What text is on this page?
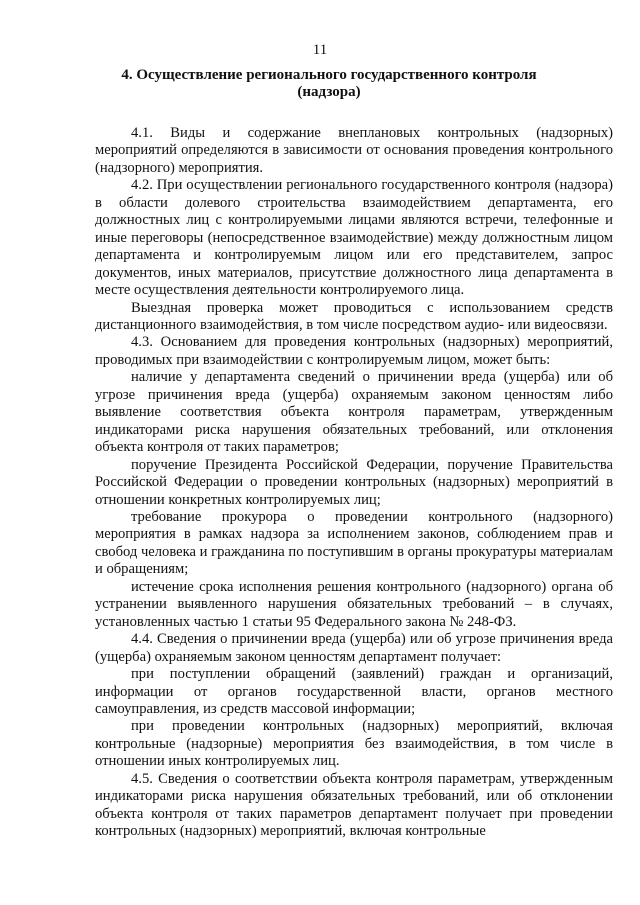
11
4. Осуществление регионального государственного контроля (надзора)

4.1. Виды и содержание внеплановых контрольных (надзорных) мероприятий определяются в зависимости от основания проведения контрольного (надзорного) мероприятия.

4.2. При осуществлении регионального государственного контроля (надзора) в области долевого строительства взаимодействием департамента, его должностных лиц с контролируемыми лицами являются встречи, телефонные и иные переговоры (непосредственное взаимодействие) между должностным лицом департамента и контролируемым лицом или его представителем, запрос документов, иных материалов, присутствие должностного лица департамента в месте осуществления деятельности контролируемого лица.

Выездная проверка может проводиться с использованием средств дистанционного взаимодействия, в том числе посредством аудио- или видеосвязи.

4.3. Основанием для проведения контрольных (надзорных) мероприятий, проводимых при взаимодействии с контролируемым лицом, может быть:

наличие у департамента сведений о причинении вреда (ущерба) или об угрозе причинения вреда (ущерба) охраняемым законом ценностям либо выявление соответствия объекта контроля параметрам, утвержденным индикаторами риска нарушения обязательных требований, или отклонения объекта контроля от таких параметров;

поручение Президента Российской Федерации, поручение Правительства Российской Федерации о проведении контрольных (надзорных) мероприятий в отношении конкретных контролируемых лиц;

требование прокурора о проведении контрольного (надзорного) мероприятия в рамках надзора за исполнением законов, соблюдением прав и свобод человека и гражданина по поступившим в органы прокуратуры материалам и обращениям;

истечение срока исполнения решения контрольного (надзорного) органа об устранении выявленного нарушения обязательных требований – в случаях, установленных частью 1 статьи 95 Федерального закона № 248-ФЗ.

4.4. Сведения о причинении вреда (ущерба) или об угрозе причинения вреда (ущерба) охраняемым законом ценностям департамент получает:

при поступлении обращений (заявлений) граждан и организаций, информации от органов государственной власти, органов местного самоуправления, из средств массовой информации;

при проведении контрольных (надзорных) мероприятий, включая контрольные (надзорные) мероприятия без взаимодействия, в том числе в отношении иных контролируемых лиц.

4.5. Сведения о соответствии объекта контроля параметрам, утвержденным индикаторами риска нарушения обязательных требований, или об отклонении объекта контроля от таких параметров департамент получает при проведении контрольных (надзорных) мероприятий, включая контрольные
